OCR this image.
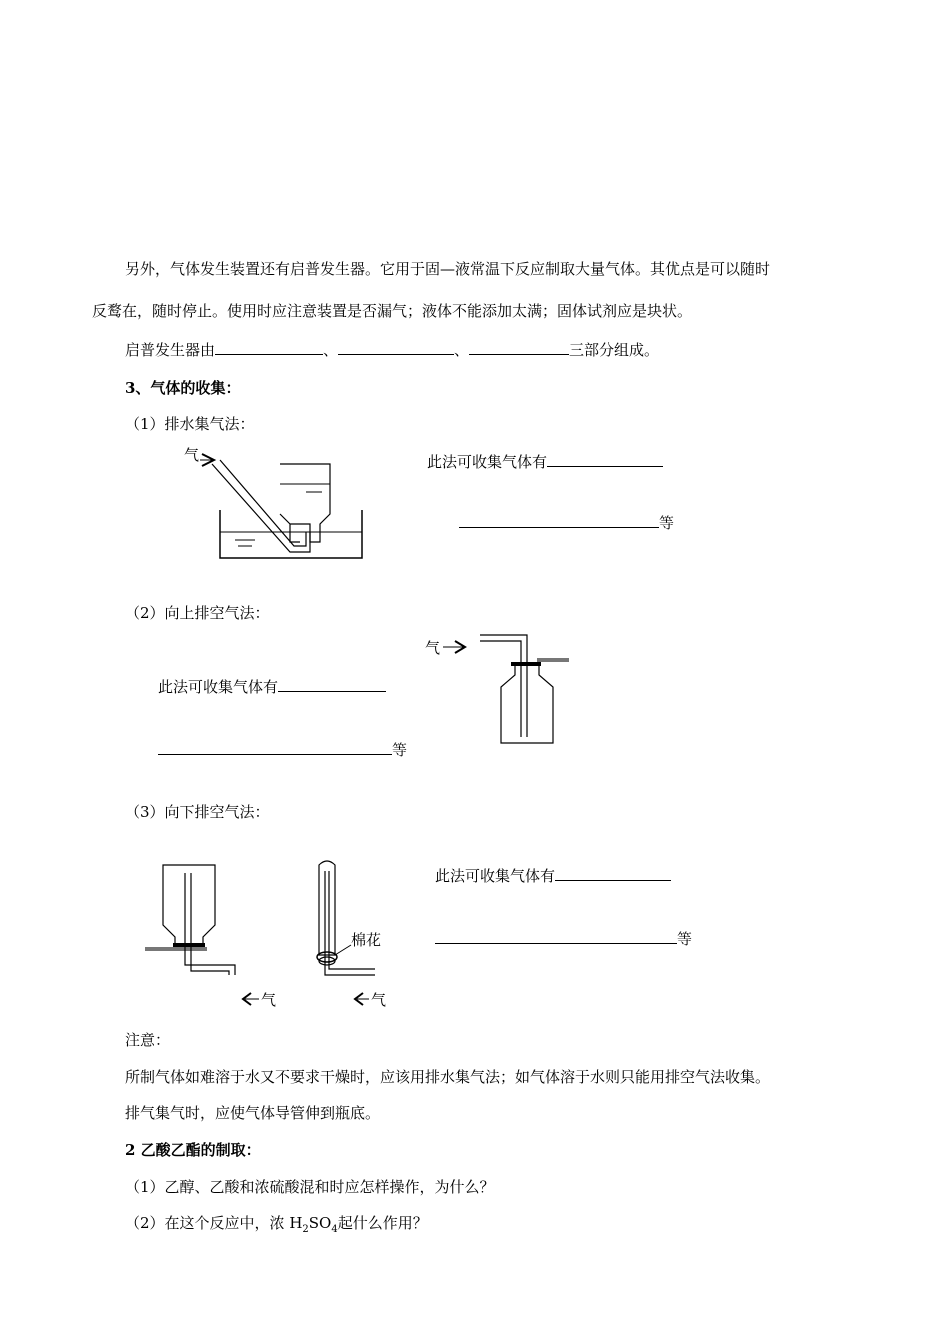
另外，气体发生装置还有启普发生器。它用于固—液常温下反应制取大量气体。其优点是可以随时
反鹜在，随时停止。使用时应注意装置是否漏气；液体不能添加太满；固体试剂应是块状。
启普发生器由	、	、	三部分组成。
3、气体的收集：
（1）排水集气法：
气	此法可收集气体有
等
（2）向上排空气法：
气
此法可收集气体有
等
（3）向下排空气法：
气
棉花
气
此法可收集气体有
等
注意：
所制气体如难溶于水又不要求干燥时，应该用排水集气法；如气体溶于水则只能用排空气法收集。
排气集气时，应使气体导管伸到瓶底。
2 乙酸乙酯的制取：
（1）乙醇、乙酸和浓硫酸混和时应怎样操作，为什么？
（2）在这个反应中，浓 $H_2SO_4$起什么作用？
